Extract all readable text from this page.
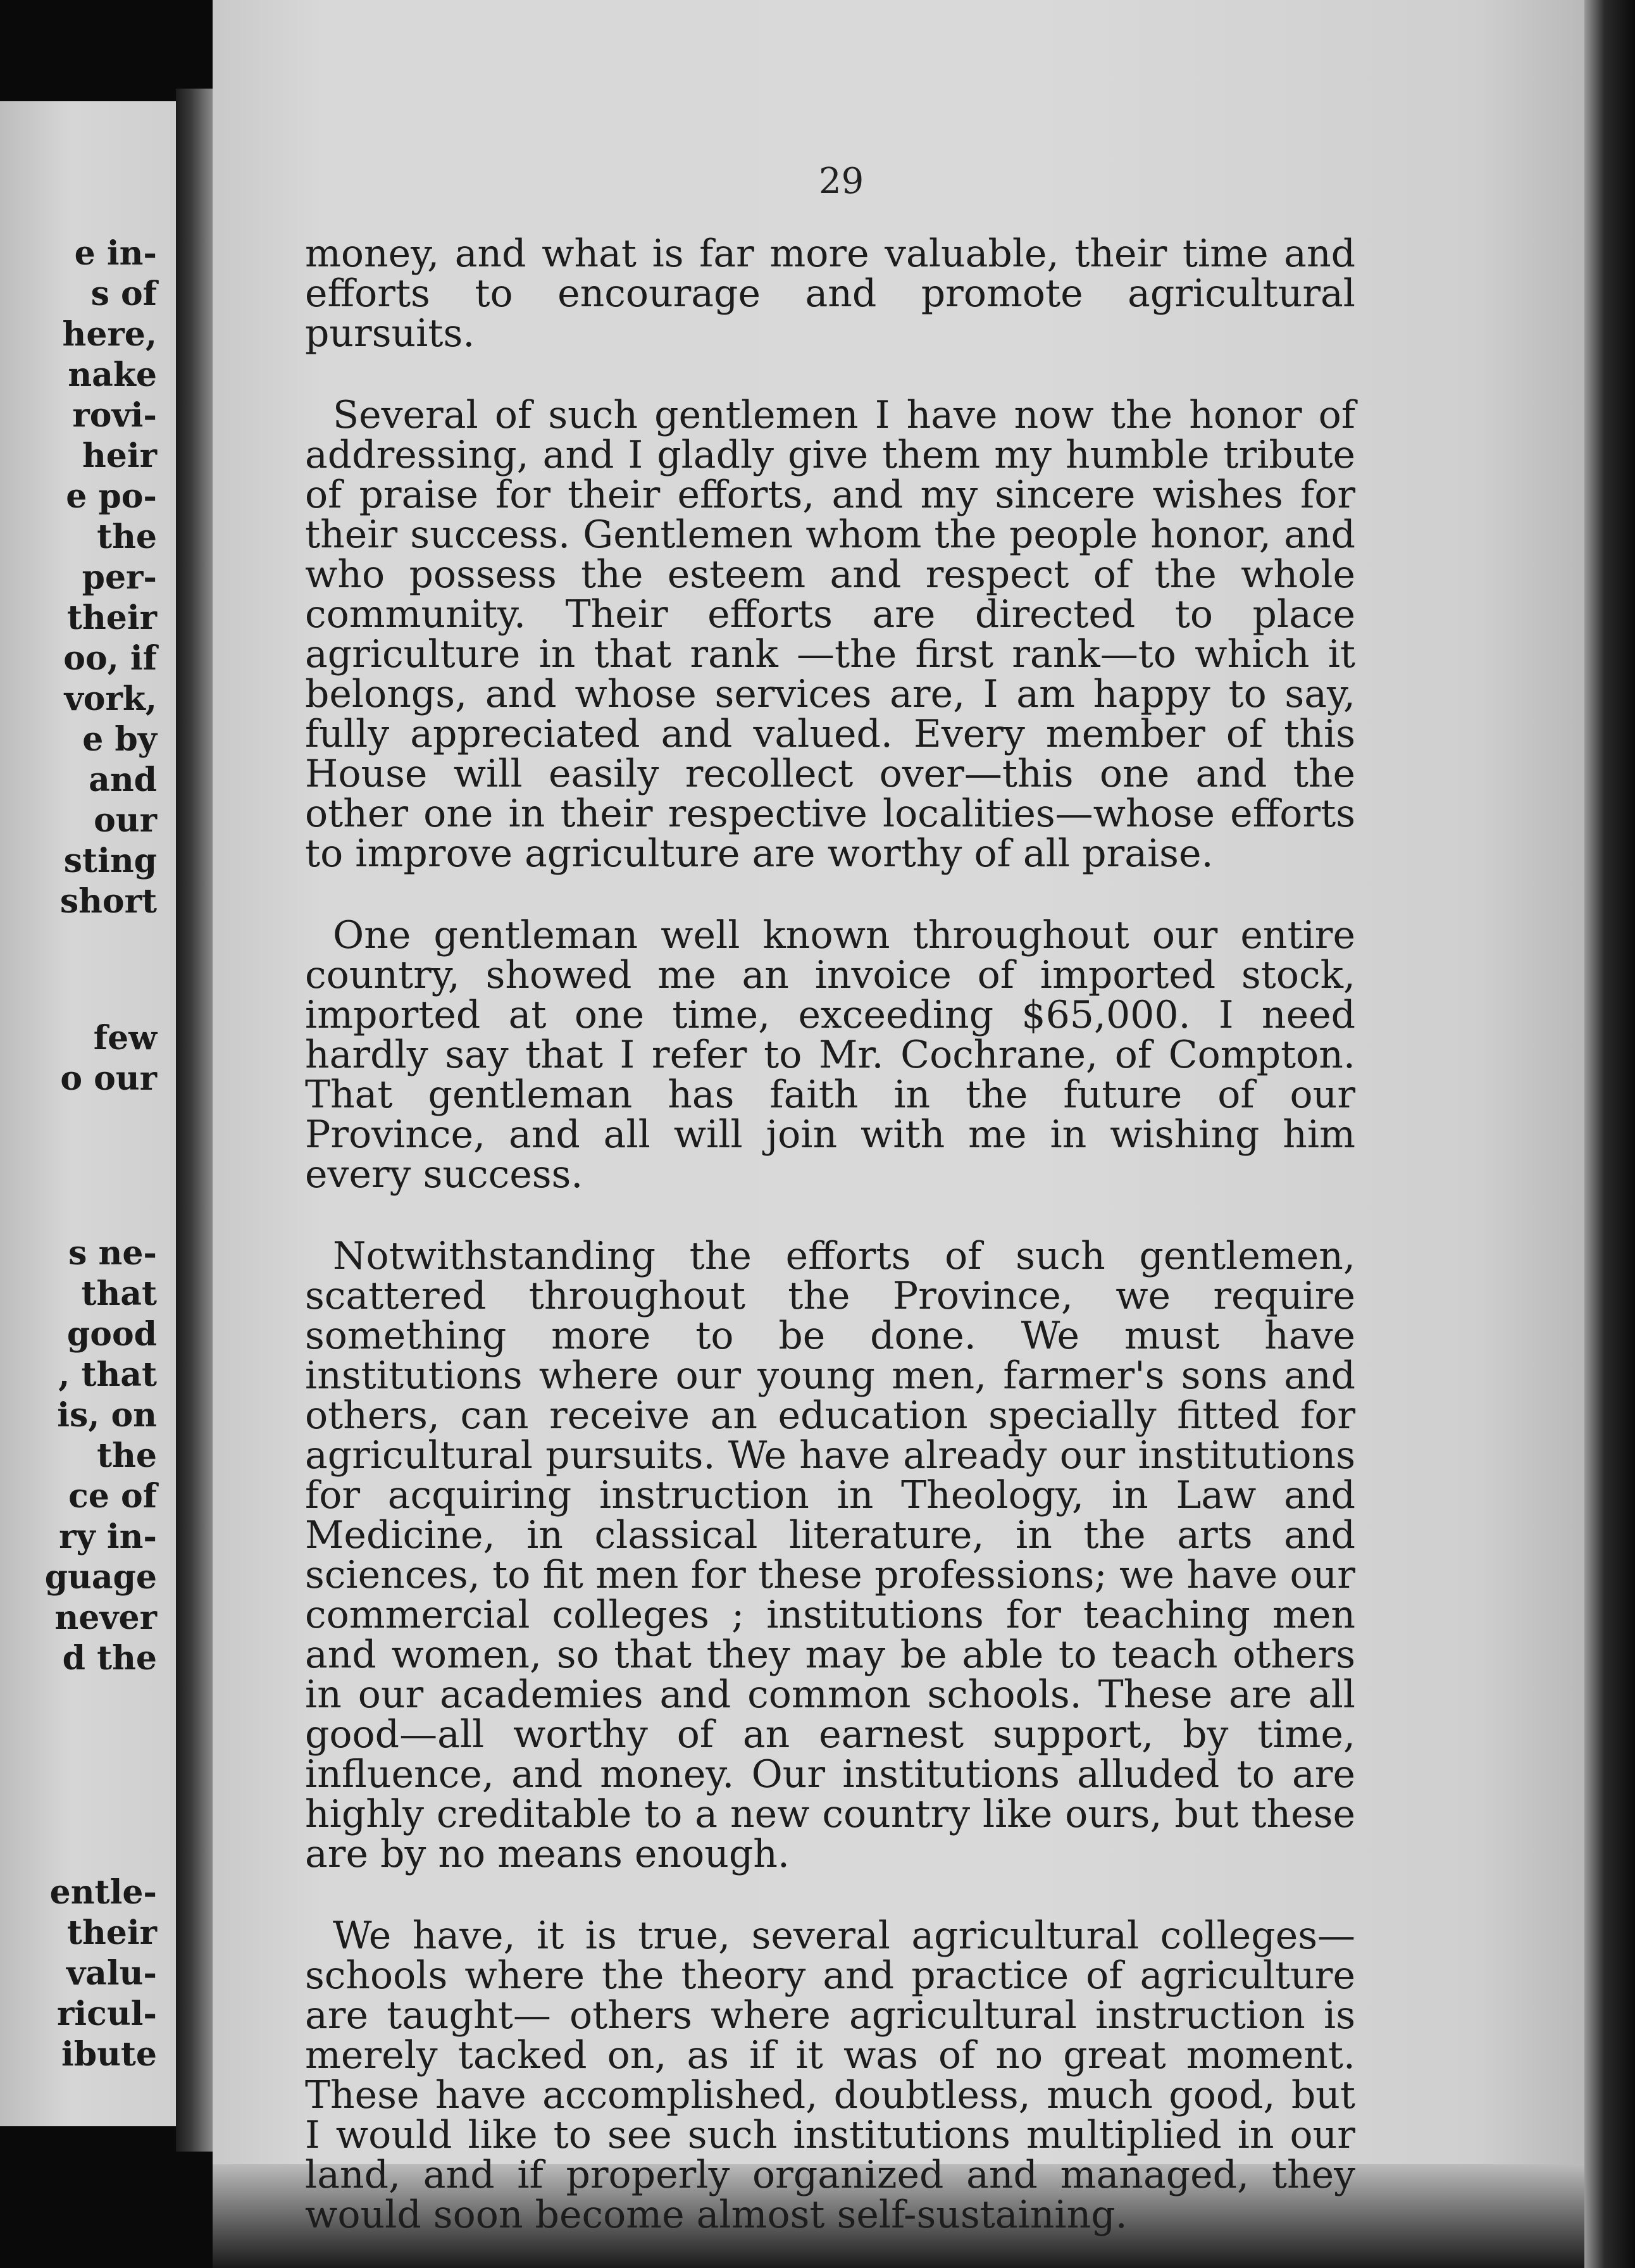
e in-
s of
here,
nake
rovi-
heir
e po-
the
per-
their
oo, if
vork,
e by
and
our
sting
short
few
o our
s ne-
that
good
, that
is, on
the
ce of
ry in-
guage
never
d the
entle-
their
valu-
ricul-
ibute
29

money, and what is far more valuable, their time and efforts to encourage and promote agricultural pursuits.

Several of such gentlemen I have now the honor of addressing, and I gladly give them my humble tribute of praise for their efforts, and my sincere wishes for their success. Gentlemen whom the people honor, and who possess the esteem and respect of the whole community. Their efforts are directed to place agriculture in that rank —the first rank—to which it belongs, and whose services are, I am happy to say, fully appreciated and valued. Every member of this House will easily recollect over—this one and the other one in their respective localities—whose efforts to improve agriculture are worthy of all praise.

One gentleman well known throughout our entire country, showed me an invoice of imported stock, imported at one time, exceeding $65,000. I need hardly say that I refer to Mr. Cochrane, of Compton. That gentleman has faith in the future of our Province, and all will join with me in wishing him every success.

Notwithstanding the efforts of such gentlemen, scattered throughout the Province, we require something more to be done. We must have institutions where our young men, farmer's sons and others, can receive an education specially fitted for agricultural pursuits. We have already our institutions for acquiring instruction in Theology, in Law and Medicine, in classical literature, in the arts and sciences, to fit men for these professions; we have our commercial colleges ; institutions for teaching men and women, so that they may be able to teach others in our academies and common schools. These are all good—all worthy of an earnest support, by time, influence, and money. Our institutions alluded to are highly creditable to a new country like ours, but these are by no means enough.

We have, it is true, several agricultural colleges—schools where the theory and practice of agriculture are taught— others where agricultural instruction is merely tacked on, as if it was of no great moment. These have accomplished, doubtless, much good, but I would like to see such institutions multiplied in our land, and if properly organized and managed, they would soon become almost self-sustaining.
